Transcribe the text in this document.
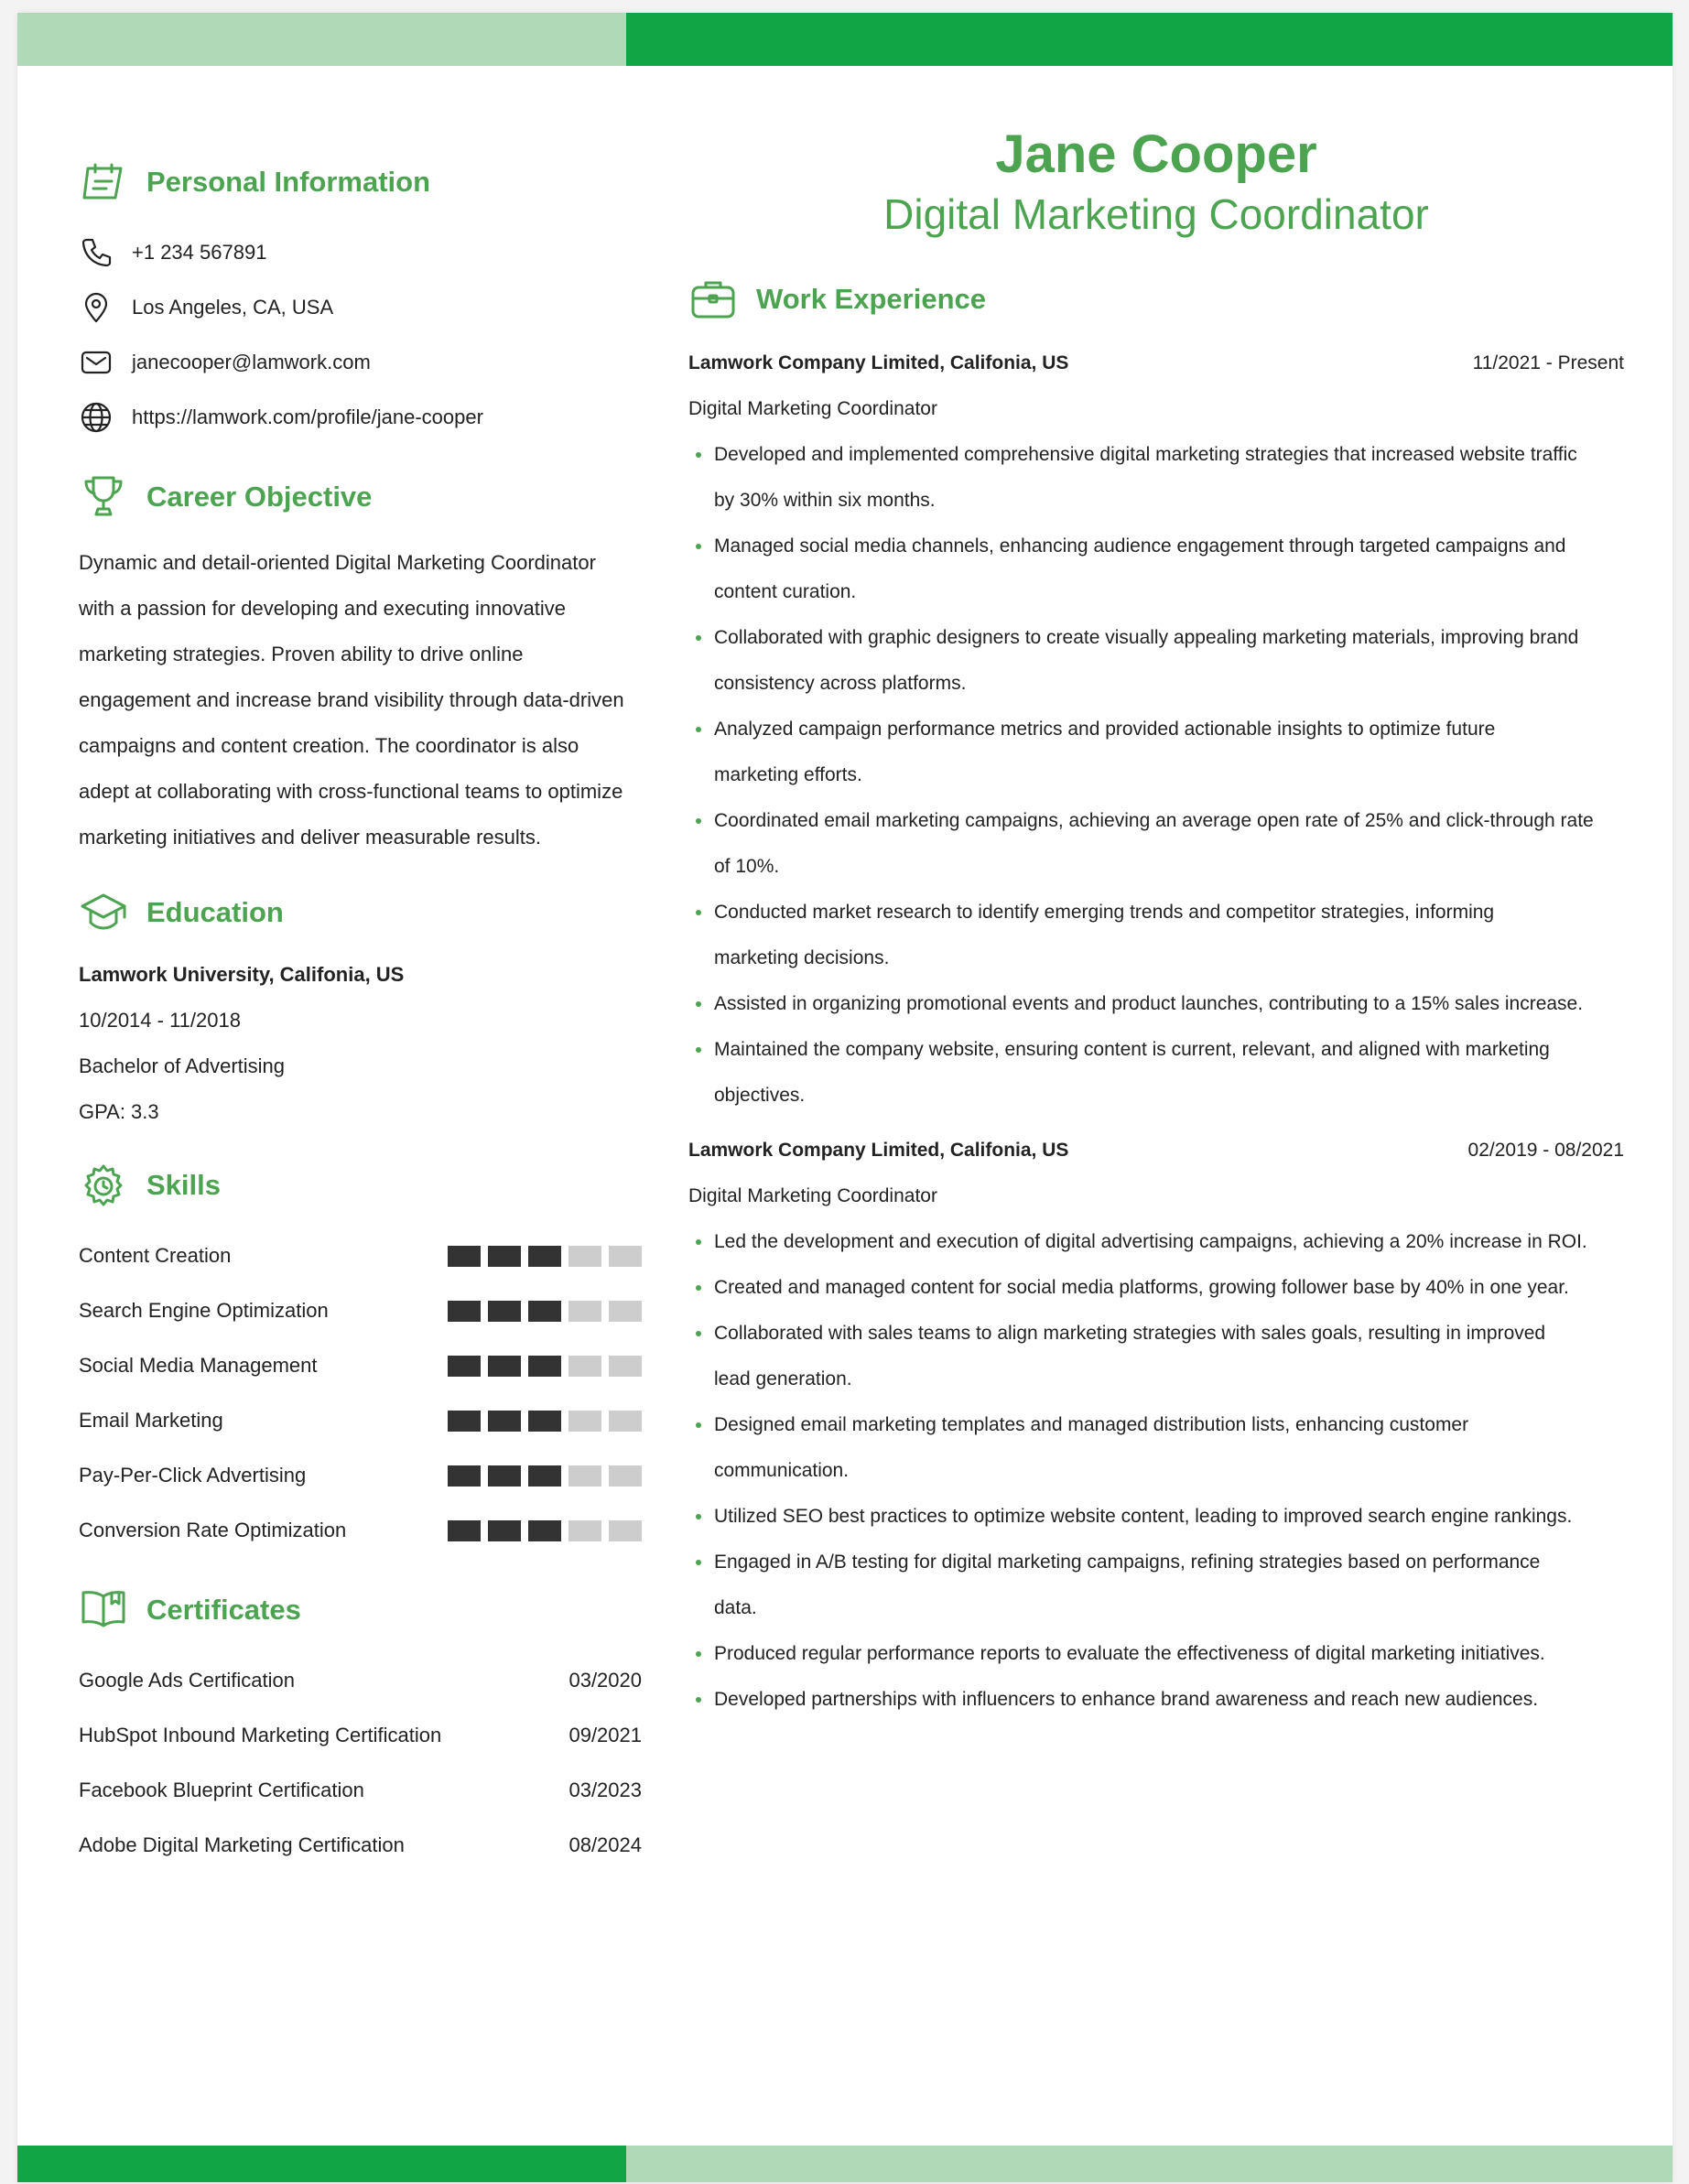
Personal Information
+1 234 567891
Los Angeles, CA, USA
janecooper@lamwork.com
https://lamwork.com/profile/jane-cooper
Career Objective
Dynamic and detail-oriented Digital Marketing Coordinator
with a passion for developing and executing innovative
marketing strategies. Proven ability to drive online
engagement and increase brand visibility through data-driven
campaigns and content creation. The coordinator is also
adept at collaborating with cross-functional teams to optimize
marketing initiatives and deliver measurable results.
Education
Lamwork University, Califonia, US
10/2014 - 11/2018
Bachelor of Advertising
GPA: 3.3
Skills
Content Creation
Search Engine Optimization
Social Media Management
Email Marketing
Pay-Per-Click Advertising
Conversion Rate Optimization
Certificates
Google Ads Certification	03/2020
HubSpot Inbound Marketing Certification	09/2021
Facebook Blueprint Certification	03/2023
Adobe Digital Marketing Certification	08/2024
Jane Cooper
Digital Marketing Coordinator
Work Experience
Lamwork Company Limited, Califonia, US	11/2021 - Present
Digital Marketing Coordinator
Developed and implemented comprehensive digital marketing strategies that increased website traffic
by 30% within six months.
Managed social media channels, enhancing audience engagement through targeted campaigns and
content curation.
Collaborated with graphic designers to create visually appealing marketing materials, improving brand
consistency across platforms.
Analyzed campaign performance metrics and provided actionable insights to optimize future
marketing efforts.
Coordinated email marketing campaigns, achieving an average open rate of 25% and click-through rate
of 10%.
Conducted market research to identify emerging trends and competitor strategies, informing
marketing decisions.
Assisted in organizing promotional events and product launches, contributing to a 15% sales increase.
Maintained the company website, ensuring content is current, relevant, and aligned with marketing
objectives.
Lamwork Company Limited, Califonia, US	02/2019 - 08/2021
Digital Marketing Coordinator
Led the development and execution of digital advertising campaigns, achieving a 20% increase in ROI.
Created and managed content for social media platforms, growing follower base by 40% in one year.
Collaborated with sales teams to align marketing strategies with sales goals, resulting in improved
lead generation.
Designed email marketing templates and managed distribution lists, enhancing customer
communication.
Utilized SEO best practices to optimize website content, leading to improved search engine rankings.
Engaged in A/B testing for digital marketing campaigns, refining strategies based on performance
data.
Produced regular performance reports to evaluate the effectiveness of digital marketing initiatives.
Developed partnerships with influencers to enhance brand awareness and reach new audiences.
